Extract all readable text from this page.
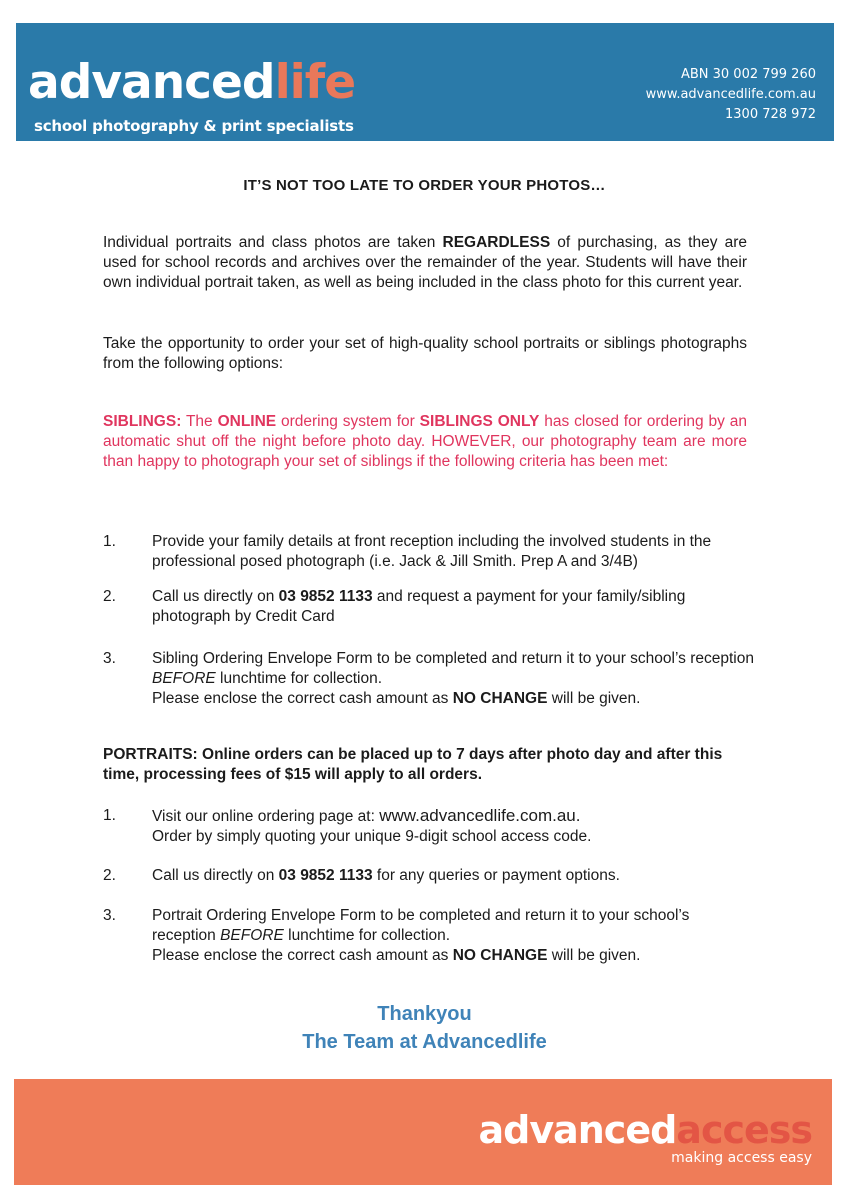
advancedlife
school photography & print specialists
ABN 30 002 799 260
www.advancedlife.com.au
1300 728 972
IT’S NOT TOO LATE TO ORDER YOUR PHOTOS…
Individual portraits and class photos are taken REGARDLESS of purchasing, as they are used for school records and archives over the remainder of the year. Students will have their own individual portrait taken, as well as being included in the class photo for this current year.
Take the opportunity to order your set of high-quality school portraits or siblings photographs from the following options:
SIBLINGS: The ONLINE ordering system for SIBLINGS ONLY has closed for ordering by an automatic shut off the night before photo day. HOWEVER, our photography team are more than happy to photograph your set of siblings if the following criteria has been met:
1. Provide your family details at front reception including the involved students in the professional posed photograph (i.e. Jack & Jill Smith. Prep A and 3/4B)
2. Call us directly on 03 9852 1133 and request a payment for your family/sibling photograph by Credit Card
3. Sibling Ordering Envelope Form to be completed and return it to your school’s reception BEFORE lunchtime for collection.
Please enclose the correct cash amount as NO CHANGE will be given.
PORTRAITS: Online orders can be placed up to 7 days after photo day and after this time, processing fees of $15 will apply to all orders.
1. Visit our online ordering page at: www.advancedlife.com.au.
Order by simply quoting your unique 9-digit school access code.
2. Call us directly on 03 9852 1133 for any queries or payment options.
3. Portrait Ordering Envelope Form to be completed and return it to your school’s reception BEFORE lunchtime for collection.
Please enclose the correct cash amount as NO CHANGE will be given.
Thankyou
The Team at Advancedlife
advancedaccess
making access easy
